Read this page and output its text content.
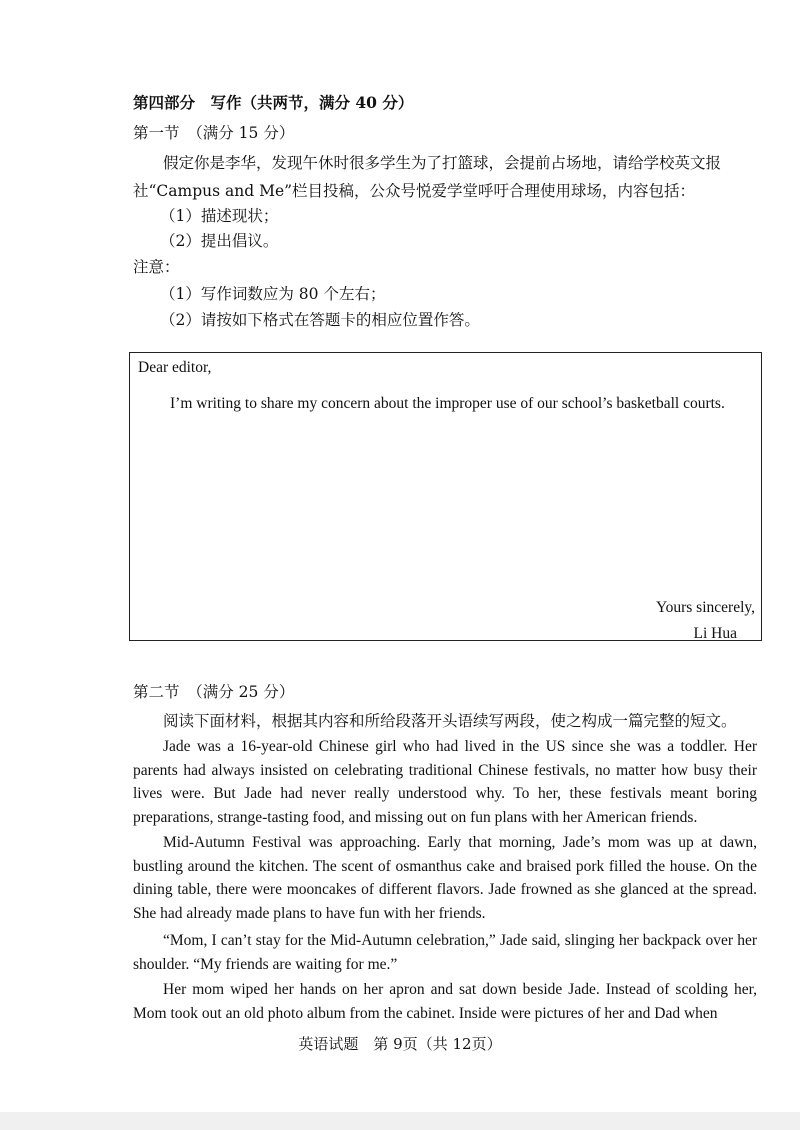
第四部分　写作（共两节，满分 40 分）
第一节　（满分 15 分）
假定你是李华，发现午休时很多学生为了打篮球，会提前占场地，请给学校英文报
社“Campus and Me”栏目投稿，公众号悦爱学堂呼吁合理使用球场，内容包括：
（1）描述现状；
（2）提出倡议。
注意：
（1）写作词数应为 80 个左右；
（2）请按如下格式在答题卡的相应位置作答。
Dear editor,
I’m writing to share my concern about the improper use of our school’s basketball courts.
Yours sincerely,
Li Hua
第二节　（满分 25 分）
阅读下面材料，根据其内容和所给段落开头语续写两段，使之构成一篇完整的短文。
Jade was a 16-year-old Chinese girl who had lived in the US since she was a toddler. Her parents had always insisted on celebrating traditional Chinese festivals, no matter how busy their lives were. But Jade had never really understood why. To her, these festivals meant boring preparations, strange-tasting food, and missing out on fun plans with her American friends.
Mid-Autumn Festival was approaching. Early that morning, Jade’s mom was up at dawn, bustling around the kitchen. The scent of osmanthus cake and braised pork filled the house. On the dining table, there were mooncakes of different flavors. Jade frowned as she glanced at the spread. She had already made plans to have fun with her friends.
“Mom, I can’t stay for the Mid-Autumn celebration,” Jade said, slinging her backpack over her shoulder. “My friends are waiting for me.”
Her mom wiped her hands on her apron and sat down beside Jade. Instead of scolding her, Mom took out an old photo album from the cabinet. Inside were pictures of her and Dad when
英语试题　第 9页（共 12页）
